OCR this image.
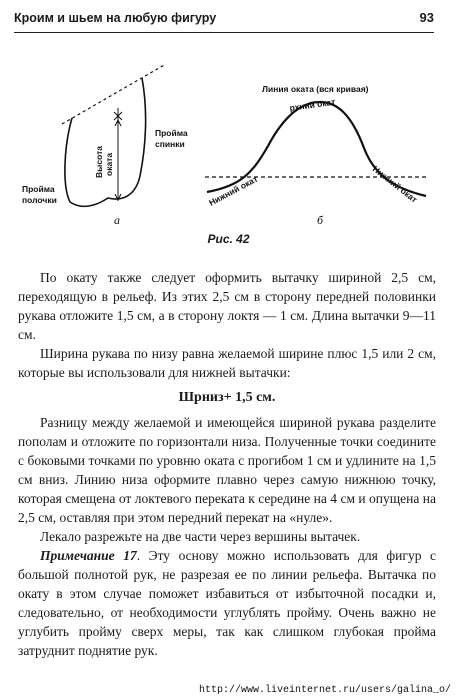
Кроим и шьем на любую фигуру	93
Высота оката
Пройма
спинки
Пройма
полочки
а
Линия оката (вся кривая)
рхний окат
Нижний окат	Нижний окат
б
Рис. 42

По окату также следует оформить вытачку шириной 2,5 см, переходящую в рельеф. Из этих 2,5 см в сторону передней половинки рукава отложите 1,5 см, а в сторону локтя — 1 см. Длина вытачки 9—11 см.

Ширина рукава по низу равна желаемой ширине плюс 1,5 или 2 см, которые вы использовали для нижней вытачки:

Шрниз+ 1,5 см.

Разницу между желаемой и имеющейся шириной рукава разделите пополам и отложите по горизонтали низа. Полученные точки соедините с боковыми точками по уровню оката с прогибом 1 см и удлините на 1,5 см вниз. Линию низа оформите плавно через самую нижнюю точку, которая смещена от локтевого переката к середине на 4 см и опущена на 2,5 см, оставляя при этом передний перекат на «нуле».

Лекало разрежьте на две части через вершины вытачек.

Примечание 17. Эту основу можно использовать для фигур с большой полнотой рук, не разрезая ее по линии рельефа. Вытачка по окату в этом случае поможет избавиться от избыточной посадки и, следовательно, от необходимости углублять пройму. Очень важно не углубить пройму сверх меры, так как слишком глубокая пройма затруднит поднятие рук.

http://www.liveinternet.ru/users/galina_o/
